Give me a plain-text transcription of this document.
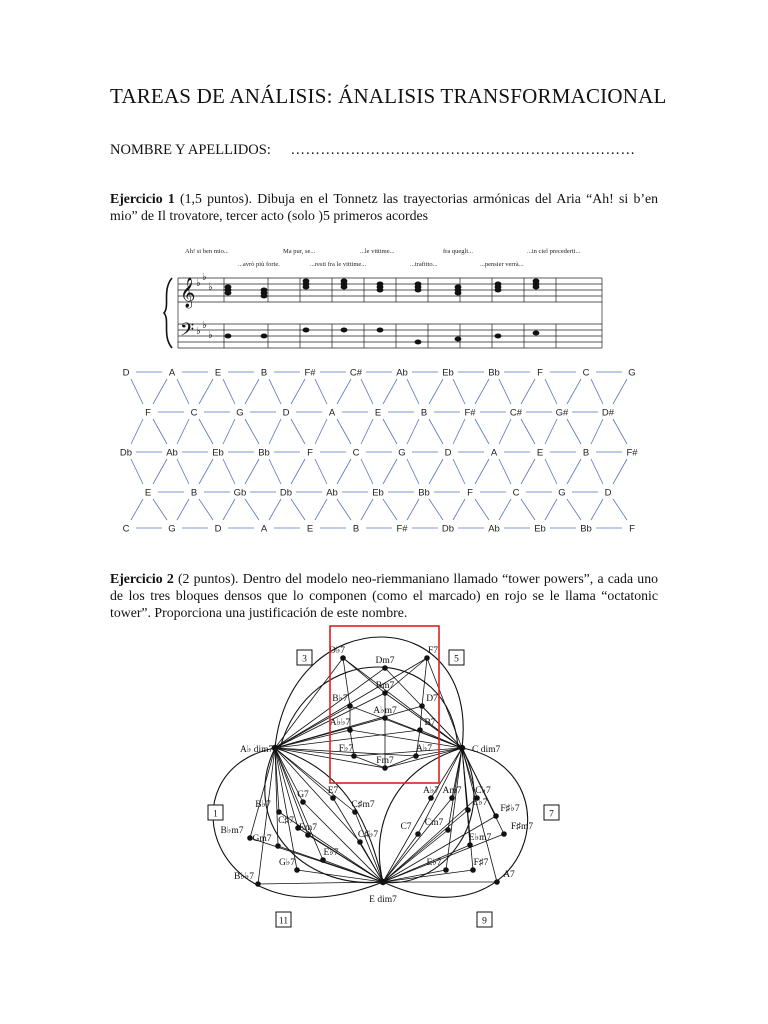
TAREAS DE ANÁLISIS: ÁNALISIS TRANSFORMACIONAL
NOMBRE Y APELLIDOS: ……………………………………………………………
Ejercicio 1 (1,5 puntos). Dibuja en el Tonnetz las trayectorias armónicas del Aria “Ah! si b’en mio” de Il trovatore, tercer acto (solo )5 primeros acordes
Ah! si ben mio...	Ma pur, se...	...le vittime...	fra quegli...	...in ciel precederti...
...avrò più forte.	...resti fra le vittime...	...trafitto...	...pensier verrà...
𝄞
𝄢
♭
♭
♭
♭
♭
♭
D	A	E	B	F#	C#	Ab	Eb	Bb	F	C	G
F	C	G	D	A	E	B	F#	C#	G#	D#
Db	Ab	Eb	Bb	F	C	G	D	A	E	B	F#
E	B	Gb	Db	Ab	Eb	Bb	F	C	G	D
C	G	D	A	E	B	F#	Db	Ab	Eb	Bb	F
Ejercicio 2 (2 puntos). Dentro del modelo neo-riemmaniano llamado “tower powers”, a cada uno de los tres bloques densos que lo componen (como el marcado) en rojo se le llama “octatonic tower”. Proporciona una justificación de este nombre.
D♭7
Dm7
F7
Bm7
B♭7	D7
A♭m7
A♭♭7	B7
F♭7	A♭7
Fm7
G7 E7
B♭7	C♯m7
C♯7
Em7
Gm7	C♯♭7
B♭m7
E♭7
G♭7
B♭♭7
A♭7 Am7 C♭7
E♭7
F♯♭7
Cm7
C7
E♭m7
F♯m7
E♭7	F♯7
A7
A♭ dim7	C dim7
E dim7
3	5
1	7
11	9
